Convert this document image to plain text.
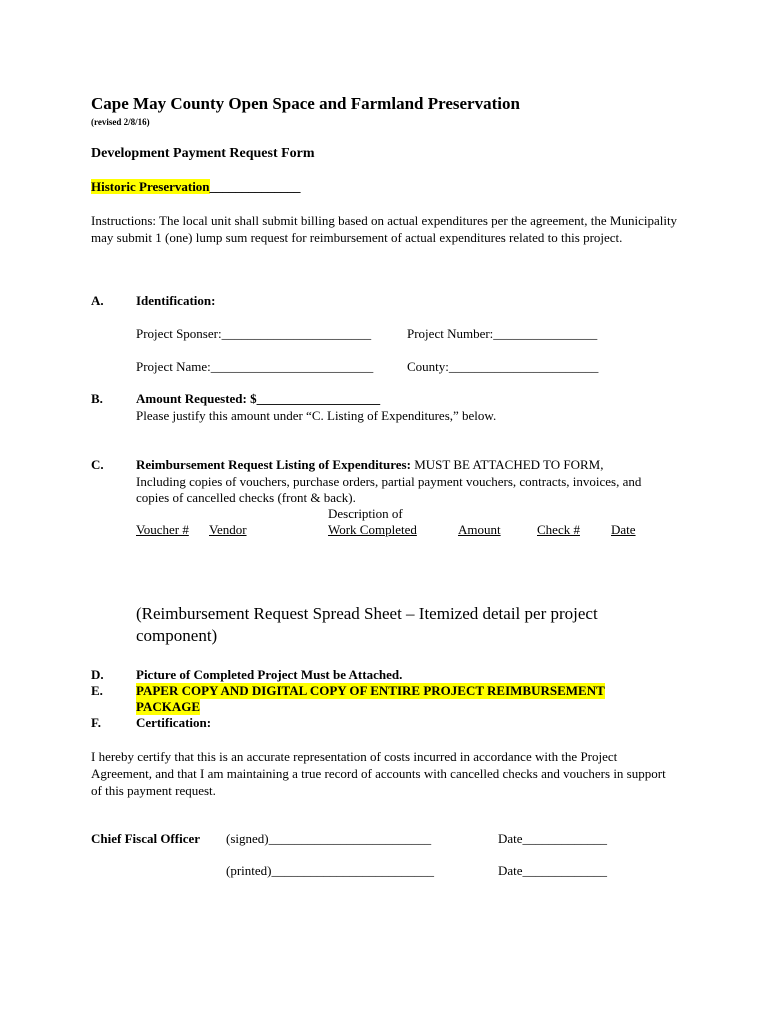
Cape May County Open Space and Farmland Preservation
(revised 2/8/16)
Development Payment Request Form
Historic Preservation______________
Instructions: The local unit shall submit billing based on actual expenditures per the agreement, the Municipality may submit 1 (one) lump sum request for reimbursement of actual expenditures related to this project.
A. Identification:
Project Sponser:_______________________	Project Number:________________
Project Name:_________________________	County:_______________________
B.	Amount Requested: $___________________
Please justify this amount under “C. Listing of Expenditures,” below.
C. Reimbursement Request Listing of Expenditures: MUST BE ATTACHED TO FORM,
Including copies of vouchers, purchase orders, partial payment vouchers, contracts, invoices, and
copies of cancelled checks (front & back).
Description of
Voucher # Vendor	Work Completed	Amount	Check # Date
(Reimbursement Request Spread Sheet – Itemized detail per project component)
D. Picture of Completed Project Must be Attached.
E.	PAPER COPY AND DIGITAL COPY OF ENTIRE PROJECT REIMBURSEMENT
PACKAGE
F.	Certification:
I hereby certify that this is an accurate representation of costs incurred in accordance with the Project Agreement, and that I am maintaining a true record of accounts with cancelled checks and vouchers in support of this payment request.
Chief Fiscal Officer (signed)_________________________	Date_____________
(printed)_________________________	Date_____________
